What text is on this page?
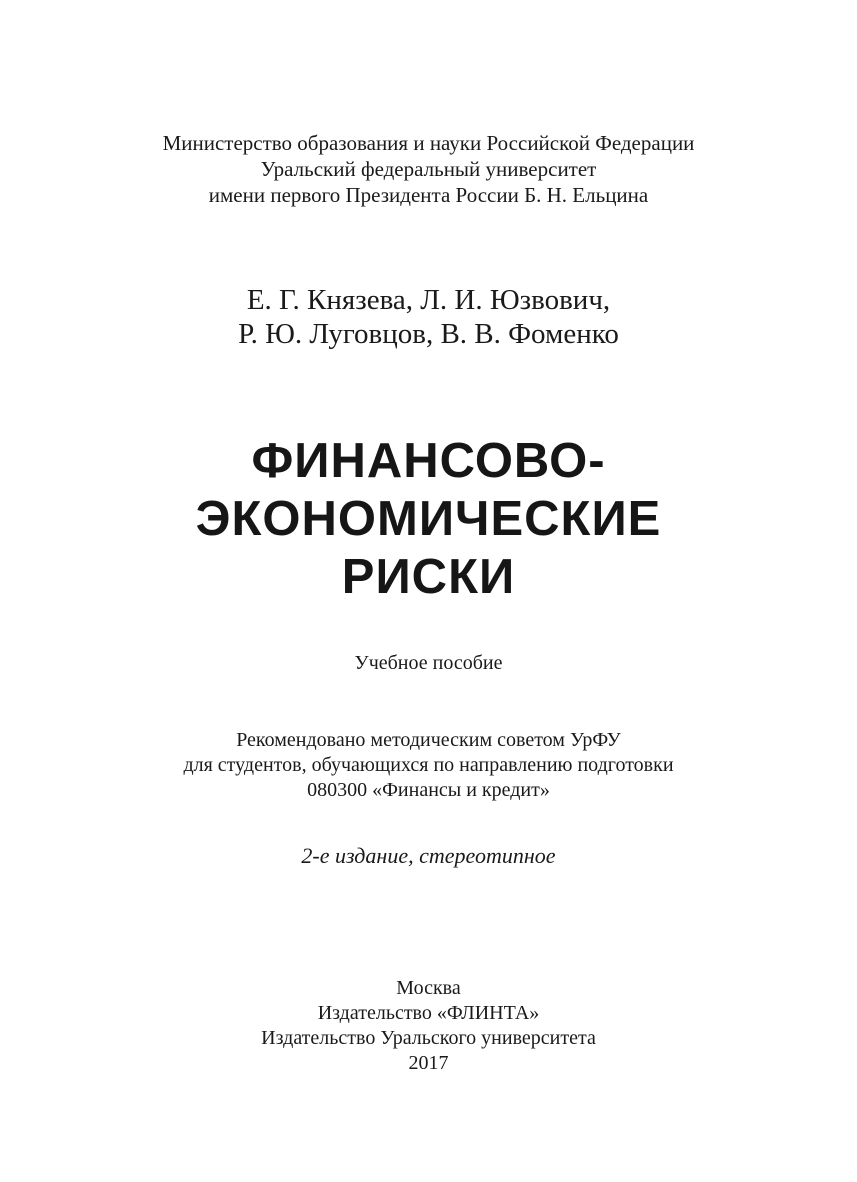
Министерство образования и науки Российской Федерации
Уральский федеральный университет
имени первого Президента России Б. Н. Ельцина
Е. Г. Князева, Л. И. Юзвович,
Р. Ю. Луговцов, В. В. Фоменко
ФИНАНСОВО-
ЭКОНОМИЧЕСКИЕ
РИСКИ
Учебное пособие
Рекомендовано методическим советом УрФУ
для студентов, обучающихся по направлению подготовки
080300 «Финансы и кредит»
2-е издание, стереотипное
Москва
Издательство «ФЛИНТА»
Издательство Уральского университета
2017
